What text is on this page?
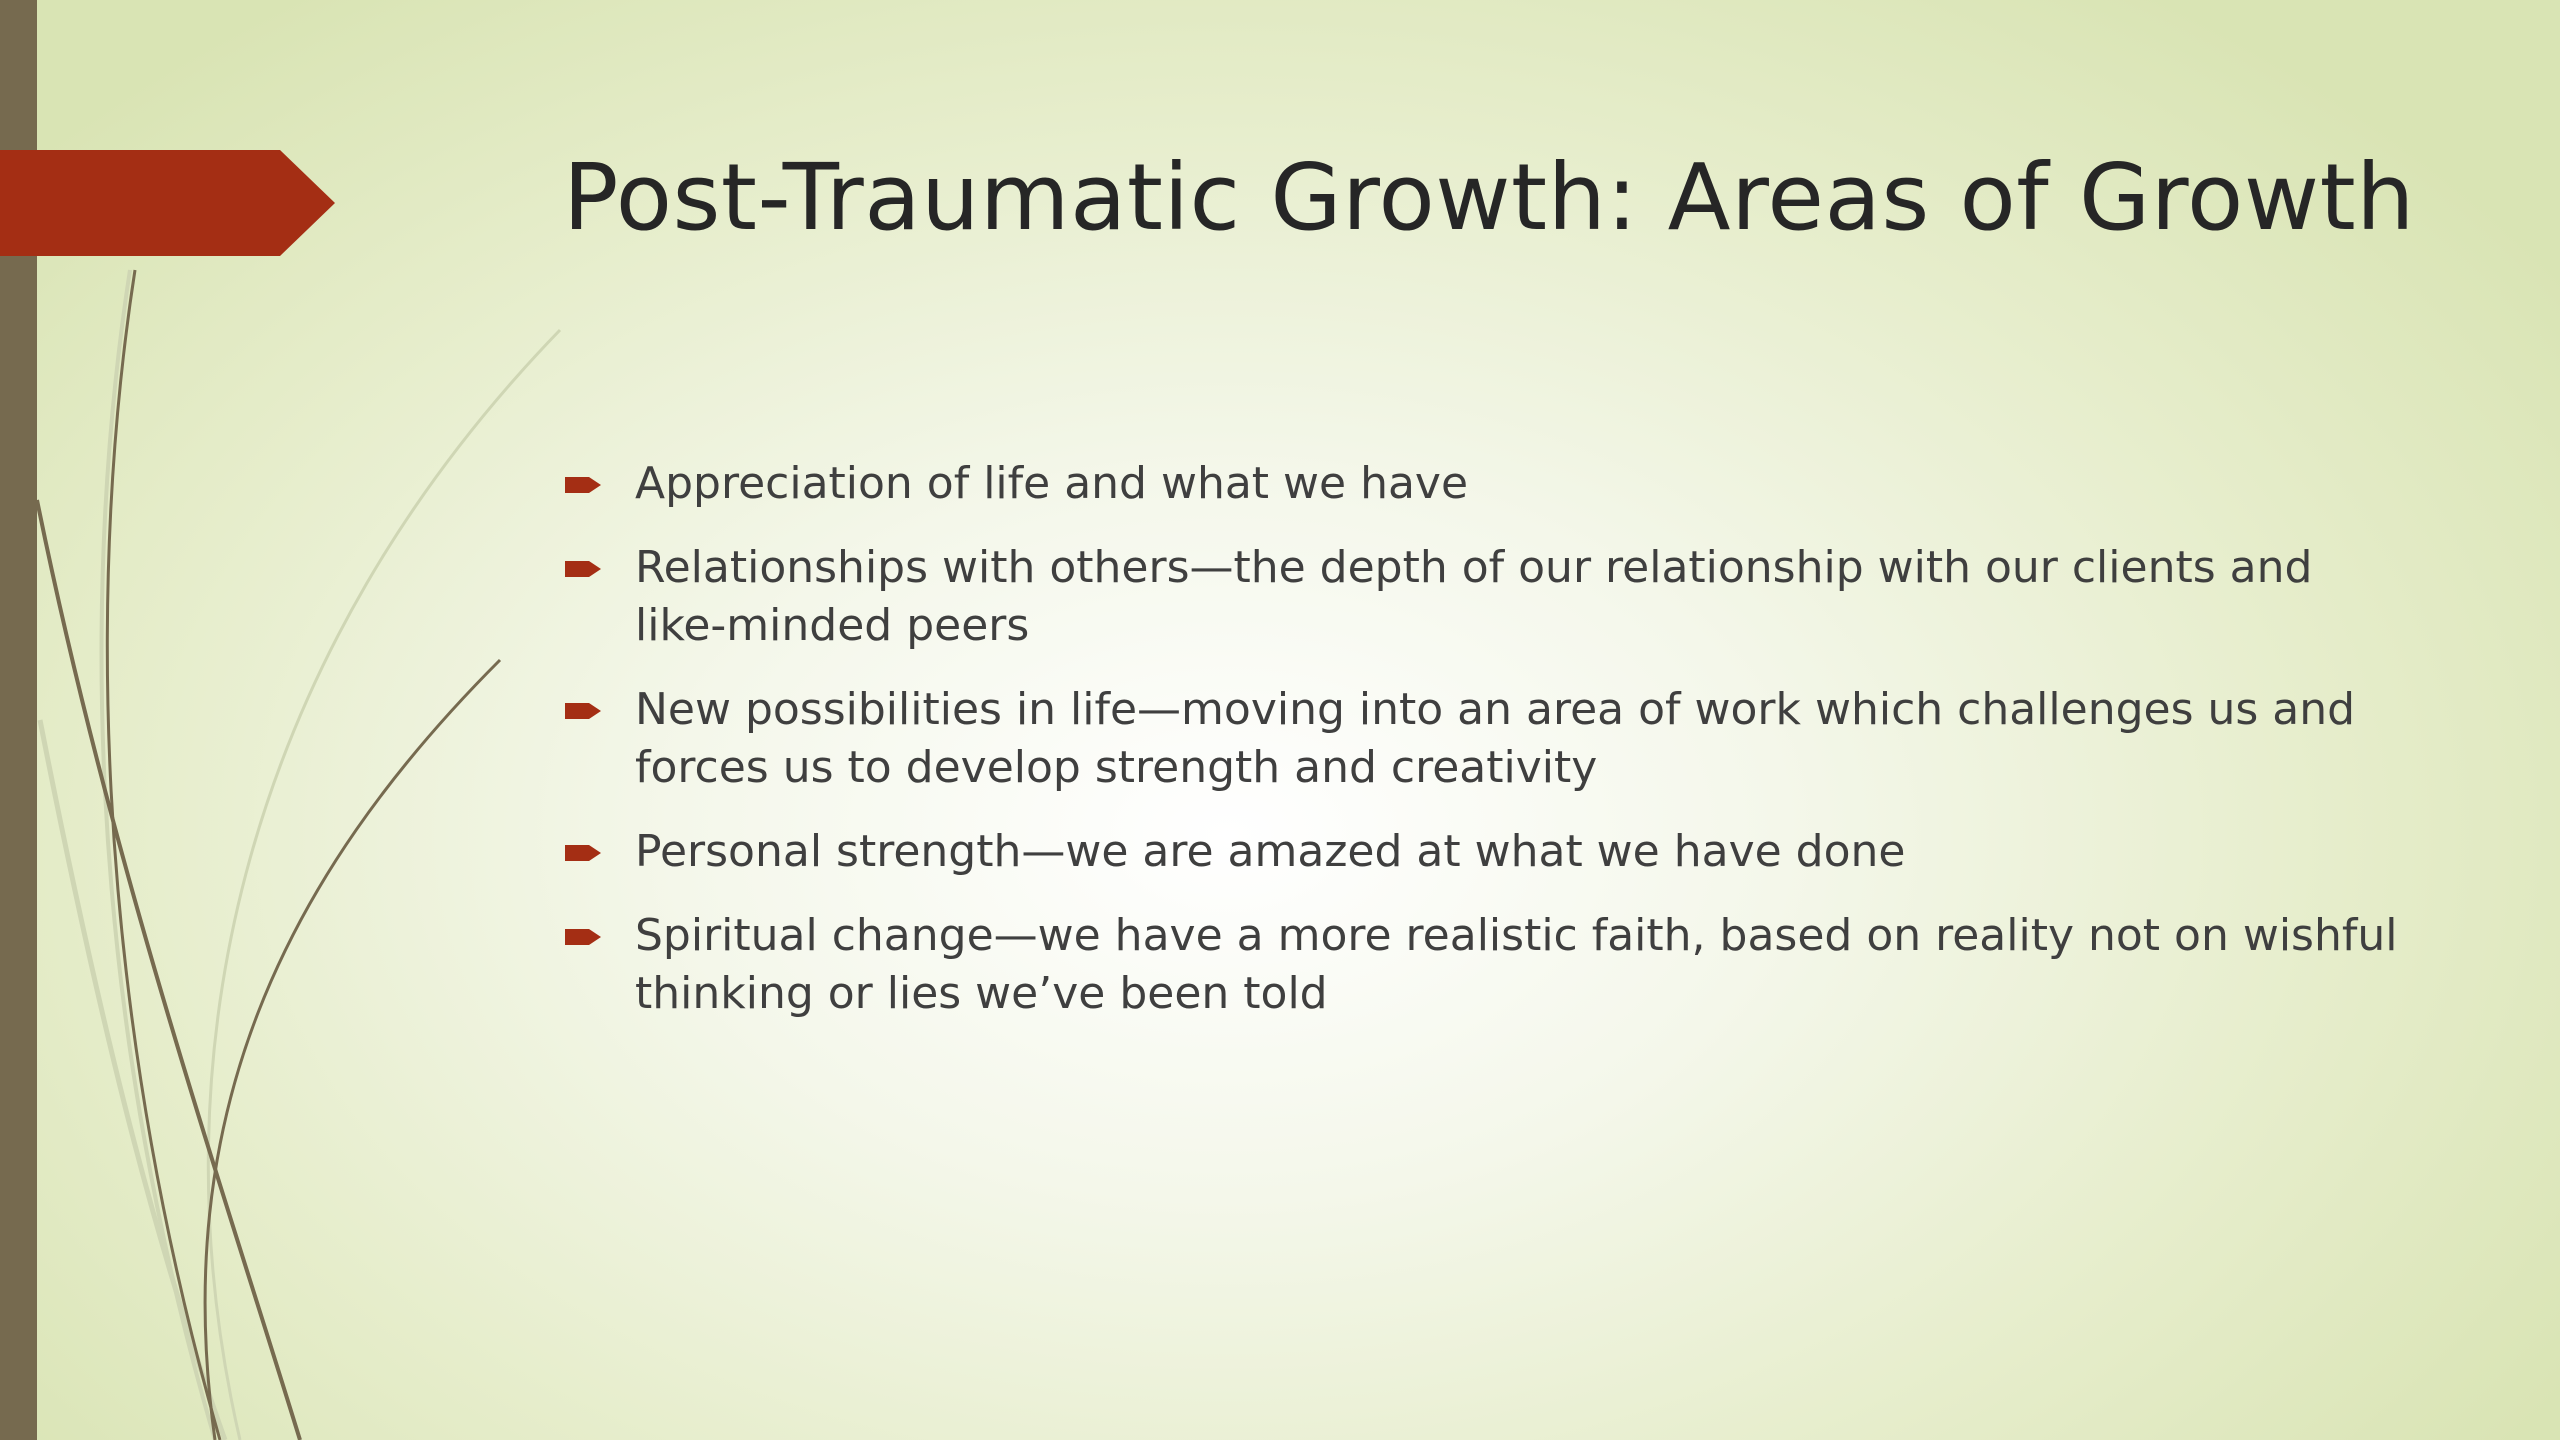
Post-Traumatic Growth: Areas of Growth
Appreciation of life and what we have
Relationships with others—the depth of our relationship with our clients and like-minded peers
New possibilities in life—moving into an area of work which challenges us and forces us to develop strength and creativity
Personal strength—we are amazed at what we have done
Spiritual change—we have a more realistic faith, based on reality not on wishful thinking or lies we’ve been told
